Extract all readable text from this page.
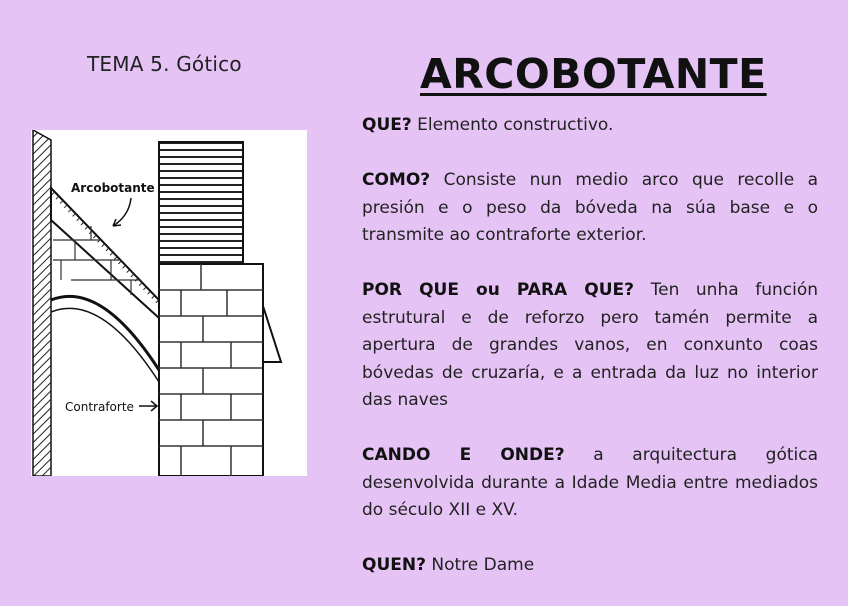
TEMA 5. Gótico	ARCOBOTANTE
Arcobotante
Contraforte

QUE? Elemento constructivo.

COMO? Consiste nun medio arco que recolle a presión e o peso da bóveda na súa base e o transmite ao contraforte exterior.

POR QUE ou PARA QUE? Ten unha función estrutural e de reforzo pero tamén permite a apertura de grandes vanos, en conxunto coas bóvedas de cruzaría, e a entrada da luz no interior das naves

CANDO E ONDE? a arquitectura gótica desenvolvida durante a Idade Media entre mediados do século XII e XV.

QUEN? Notre Dame
